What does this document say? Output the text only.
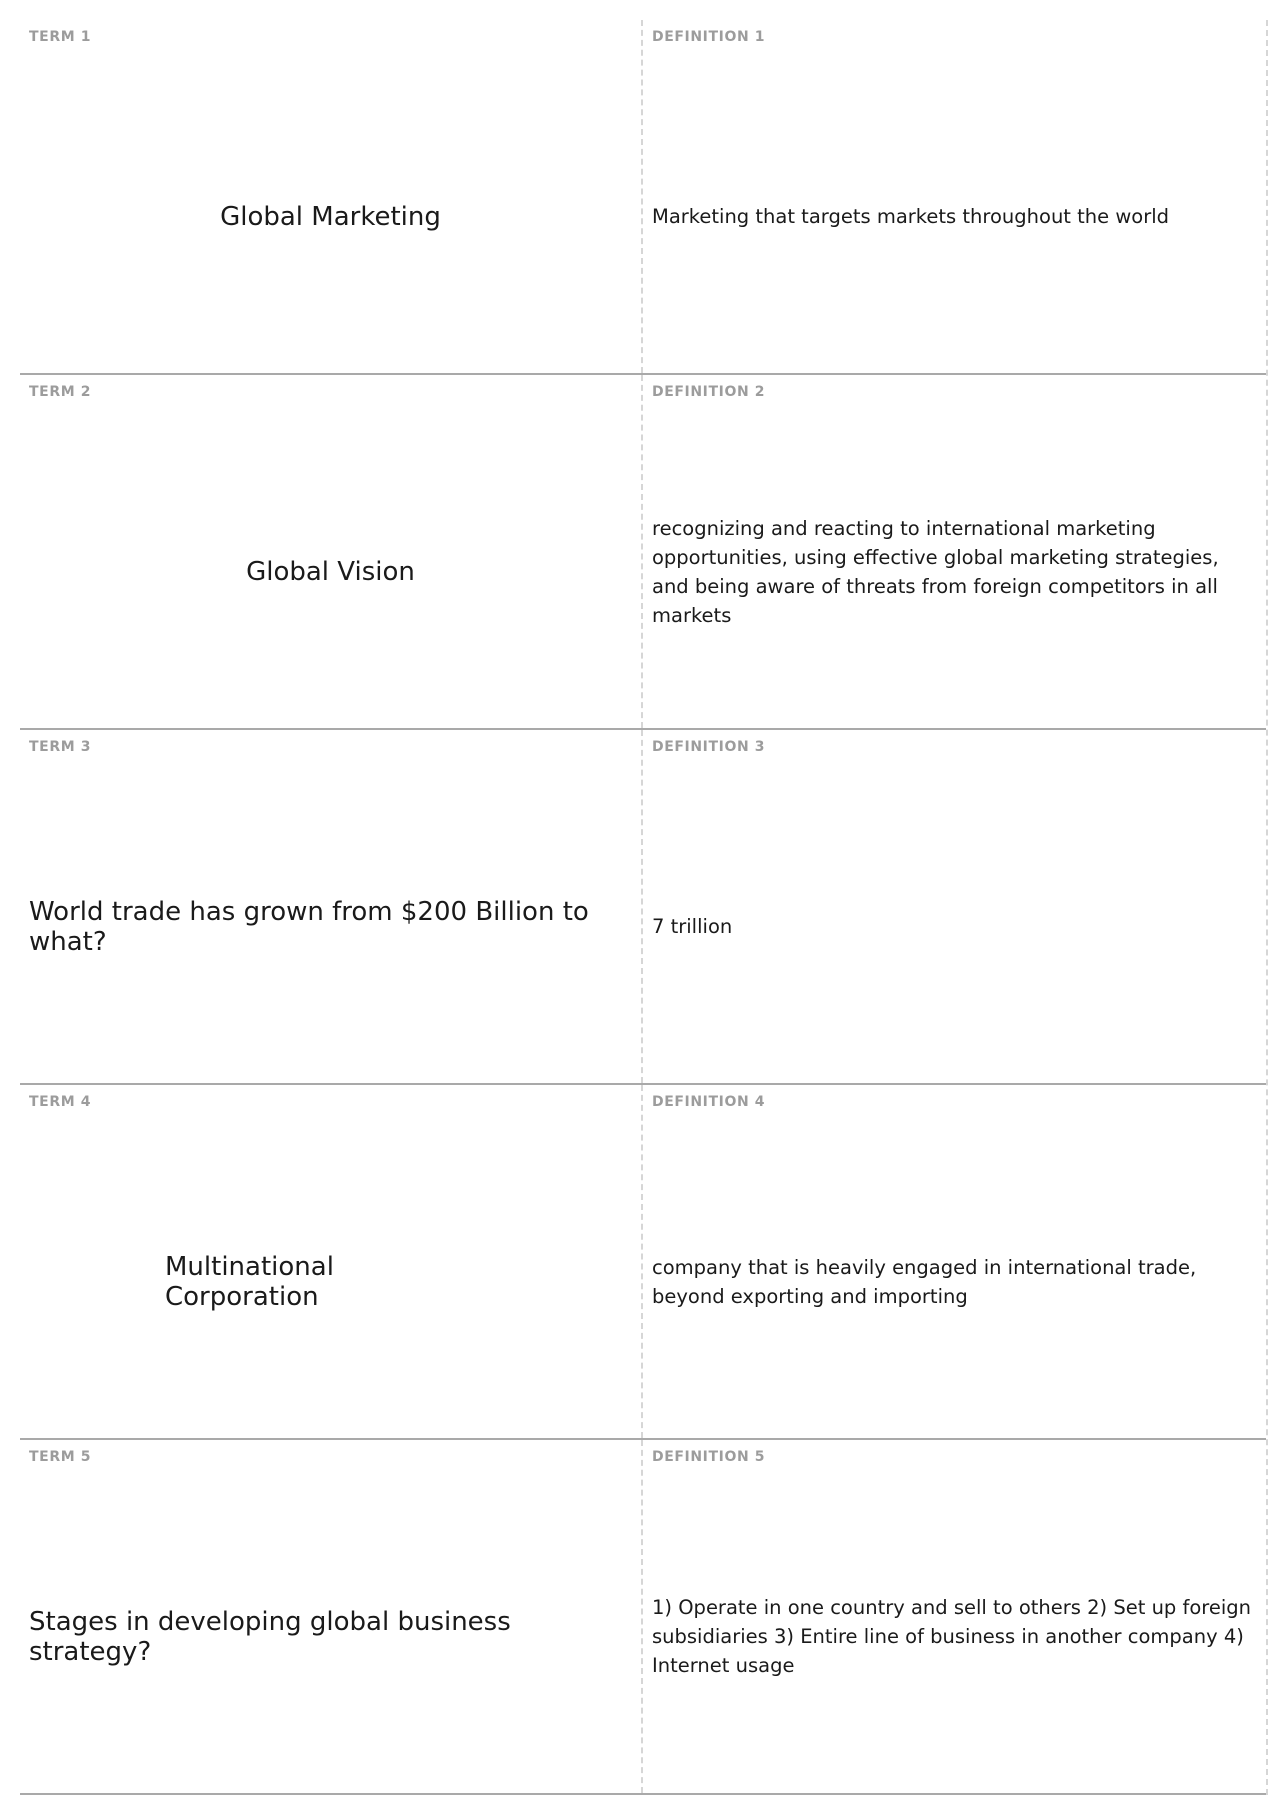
TERM 1
Global Marketing
DEFINITION 1
Marketing that targets markets throughout the world
TERM 2
Global Vision
DEFINITION 2
recognizing and reacting to international marketing opportunities, using effective global marketing strategies, and being aware of threats from foreign competitors in all markets
TERM 3
World trade has grown from $200 Billion to what?
DEFINITION 3
7 trillion
TERM 4
Multinational Corporation
DEFINITION 4
company that is heavily engaged in international trade, beyond exporting and importing
TERM 5
Stages in developing global business strategy?
DEFINITION 5
1) Operate in one country and sell to others 2) Set up foreign subsidiaries 3) Entire line of business in another company 4) Internet usage
